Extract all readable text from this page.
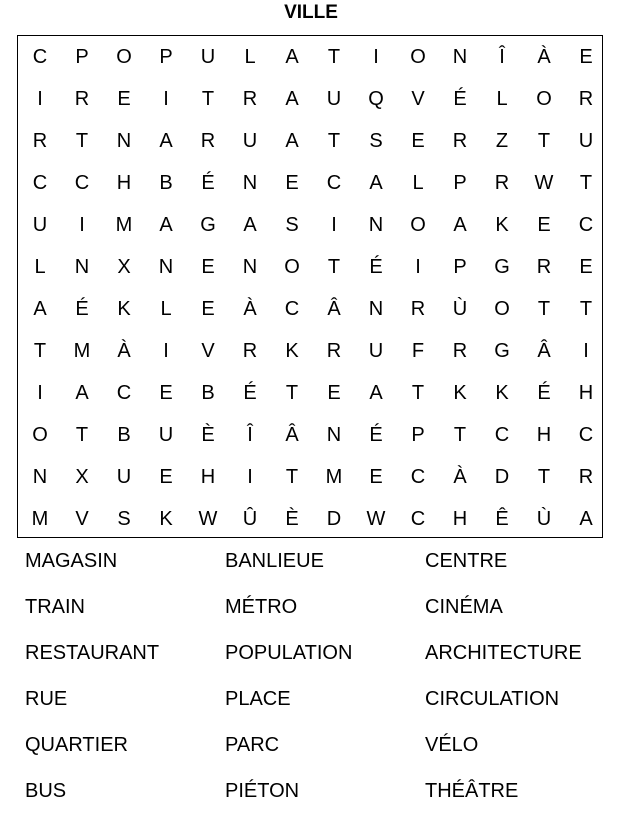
VILLE
C	P	O	P	U	L	A	T	I	O	N	Î	À	E
I	R	E	I	T	R	A	U	Q	V	É	L	O	R
R	T	N	A	R	U	A	T	S	E	R	Z	T	U
C	C	H	B	É	N	E	C	A	L	P	R	W	T
U	I	M	A	G	A	S	I	N	O	A	K	E	C
L	N	X	N	E	N	O	T	É	I	P	G	R	E
A	É	K	L	E	À	C	Â	N	R	Ù	O	T	T
T	M	À	I	V	R	K	R	U	F	R	G	Â	I
I	A	C	E	B	É	T	E	A	T	K	K	É	H
O	T	B	U	È	Î	Â	N	É	P	T	C	H	C
N	X	U	E	H	I	T	M	E	C	À	D	T	R
M	V	S	K	W	Û	È	D	W	C	H	Ê	Ù	A
MAGASIN	BANLIEUE	CENTRE
TRAIN	MÉTRO	CINÉMA
RESTAURANT	POPULATION	ARCHITECTURE
RUE	PLACE	CIRCULATION
QUARTIER	PARC	VÉLO
BUS	PIÉTON	THÉÂTRE
